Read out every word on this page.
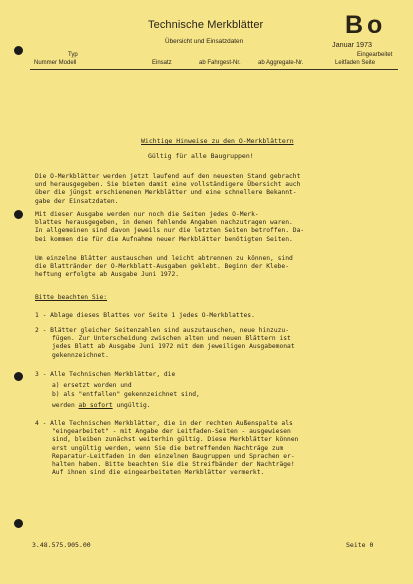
Technische Merkblätter
Übersicht und Einsatzdaten
Bo
Januar 1973
Typ
Nummer Modell	Einsatz	ab Fahrgest-Nr.	ab Aggregate-Nr.
Eingearbeitet
Leitfaden Seite
Wichtige Hinweise zu den O-Merkblättern
Gültig für alle Baugruppen!
Die O-Merkblätter werden jetzt laufend auf den neuesten Stand gebracht
und herausgegeben. Sie bieten damit eine vollständigere Übersicht auch
über die jüngst erschienenen Merkblätter und eine schnellere Bekannt-
gabe der Einsatzdaten.
Mit dieser Ausgabe werden nur noch die Seiten jedes O-Merk-
blattes herausgegeben, in denen fehlende Angaben nachzutragen waren.
In allgemeinen sind davon jeweils nur die letzten Seiten betroffen. Da-
bei kommen die für die Aufnahme neuer Merkblätter benötigten Seiten.
Um einzelne Blätter austauschen und leicht abtrennen zu können, sind
die Blattränder der O-Merkblatt-Ausgaben geklebt. Beginn der Klebe-
heftung erfolgte ab Ausgabe Juni 1972.
Bitte beachten Sie:
1 - Ablage dieses Blattes vor Seite 1 jedes O-Merkblattes.
2 - Blätter gleicher Seitenzahlen sind auszutauschen, neue hinzuzu-
fügen. Zur Unterscheidung zwischen alten und neuen Blättern ist
jedes Blatt ab Ausgabe Juni 1972 mit dem jeweiligen Ausgabemonat
gekennzeichnet.
3 - Alle Technischen Merkblätter, die
a) ersetzt worden und
b) als "entfallen" gekennzeichnet sind,
werden ab sofort ungültig.
4 - Alle Technischen Merkblätter, die in der rechten Außenspalte als
"eingearbeitet" - mit Angabe der Leitfaden-Seiten - ausgewiesen
sind, bleiben zunächst weiterhin gültig. Diese Merkblätter können
erst ungültig werden, wenn Sie die betreffenden Nachträge zum
Reparatur-Leitfaden in den einzelnen Baugruppen und Sprachen er-
halten haben. Bitte beachten Sie die Streifbänder der Nachträge!
Auf ihnen sind die eingearbeiteten Merkblätter vermerkt.
3.48.575.905.00	Seite 0
